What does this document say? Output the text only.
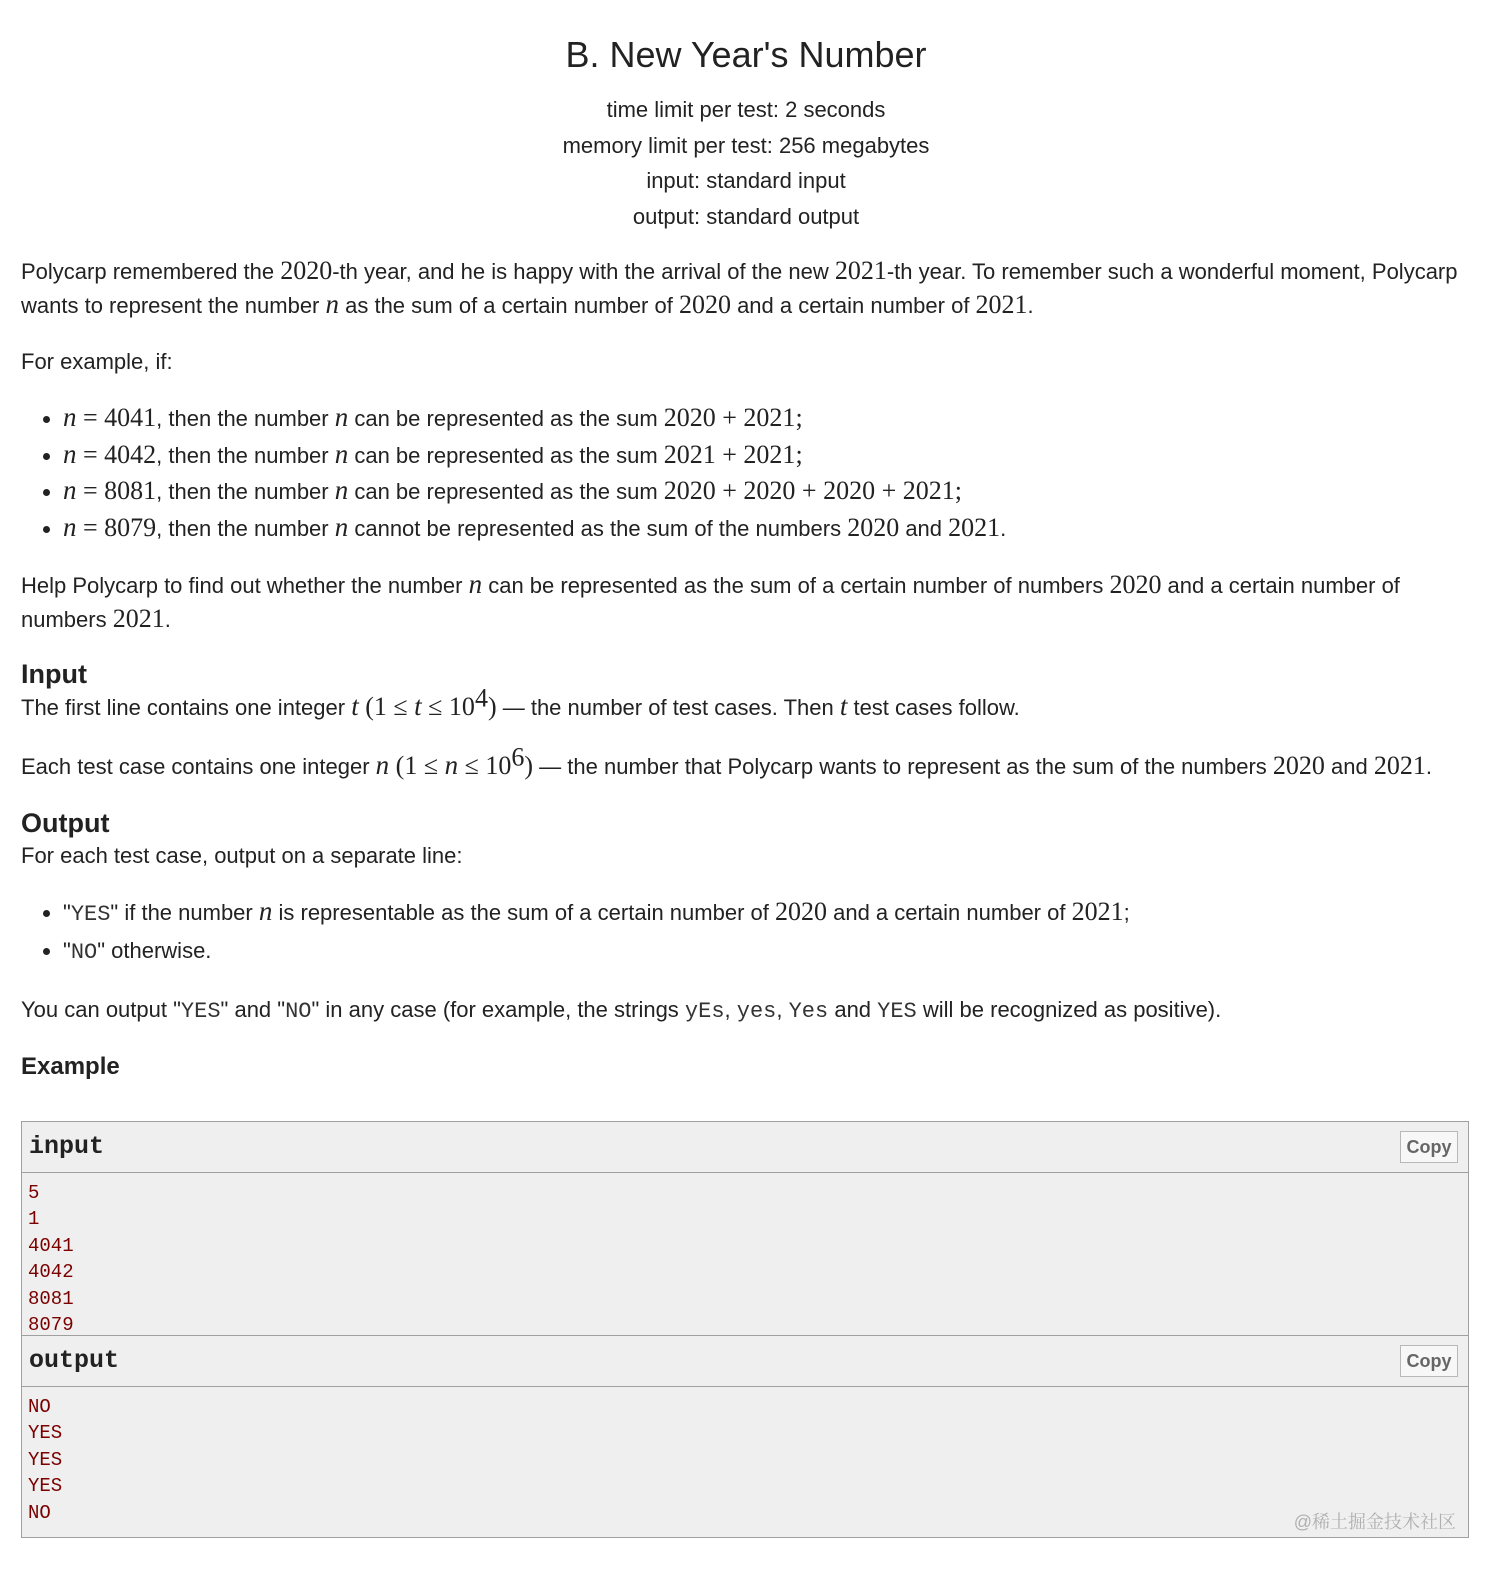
B. New Year's Number
time limit per test: 2 seconds
memory limit per test: 256 megabytes
input: standard input
output: standard output

Polycarp remembered the 2020-th year, and he is happy with the arrival of the new 2021-th year. To remember such a wonderful moment, Polycarp wants to represent the number n as the sum of a certain number of 2020 and a certain number of 2021.

For example, if:

• n = 4041, then the number n can be represented as the sum 2020 + 2021;
• n = 4042, then the number n can be represented as the sum 2021 + 2021;
• n = 8081, then the number n can be represented as the sum 2020 + 2020 + 2020 + 2021;
• n = 8079, then the number n cannot be represented as the sum of the numbers 2020 and 2021.

Help Polycarp to find out whether the number n can be represented as the sum of a certain number of numbers 2020 and a certain number of numbers 2021.

Input

The first line contains one integer t $(1 \le t \le 10^4)$ — the number of test cases. Then t test cases follow.

Each test case contains one integer n $(1 \le n \le 10^6)$ — the number that Polycarp wants to represent as the sum of the numbers 2020 and 2021.

Output

For each test case, output on a separate line:

• "YES" if the number n is representable as the sum of a certain number of 2020 and a certain number of 2021;
• "NO" otherwise.

You can output "YES" and "NO" in any case (for example, the strings yEs, yes, Yes and YES will be recognized as positive).

Example
input	Copy
5
1
4041
4042
8081
8079
output	Copy
NO
YES
YES
YES
NO	@稀土掘金技术社区
